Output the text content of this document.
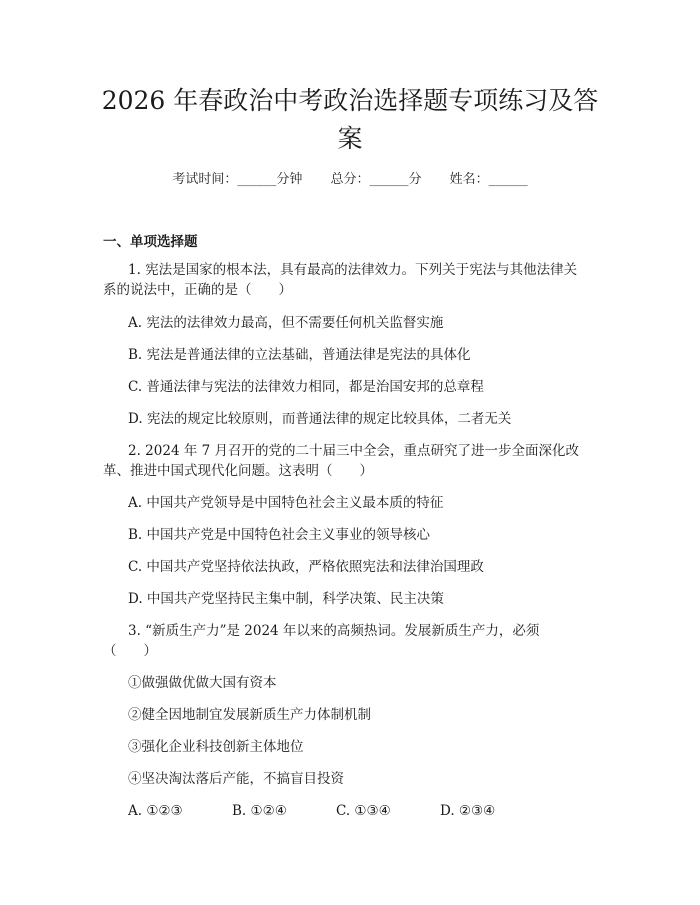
2026 年春政治中考政治选择题专项练习及答
案
考试时间：______分钟 总分：______分 姓名：______
一、单项选择题
1. 宪法是国家的根本法，具有最高的法律效力。下列关于宪法与其他法律关
系的说法中，正确的是（　　）
A. 宪法的法律效力最高，但不需要任何机关监督实施
B. 宪法是普通法律的立法基础，普通法律是宪法的具体化
C. 普通法律与宪法的法律效力相同，都是治国安邦的总章程
D. 宪法的规定比较原则，而普通法律的规定比较具体，二者无关
2. 2024 年 7 月召开的党的二十届三中全会，重点研究了进一步全面深化改
革、推进中国式现代化问题。这表明（　　）
A. 中国共产党领导是中国特色社会主义最本质的特征
B. 中国共产党是中国特色社会主义事业的领导核心
C. 中国共产党坚持依法执政，严格依照宪法和法律治国理政
D. 中国共产党坚持民主集中制，科学决策、民主决策
3. “新质生产力”是 2024 年以来的高频热词。发展新质生产力，必须
（　　）
①做强做优做大国有资本
②健全因地制宜发展新质生产力体制机制
③强化企业科技创新主体地位
④坚决淘汰落后产能，不搞盲目投资
A. ①②③	B. ①②④	C. ①③④	D. ②③④
